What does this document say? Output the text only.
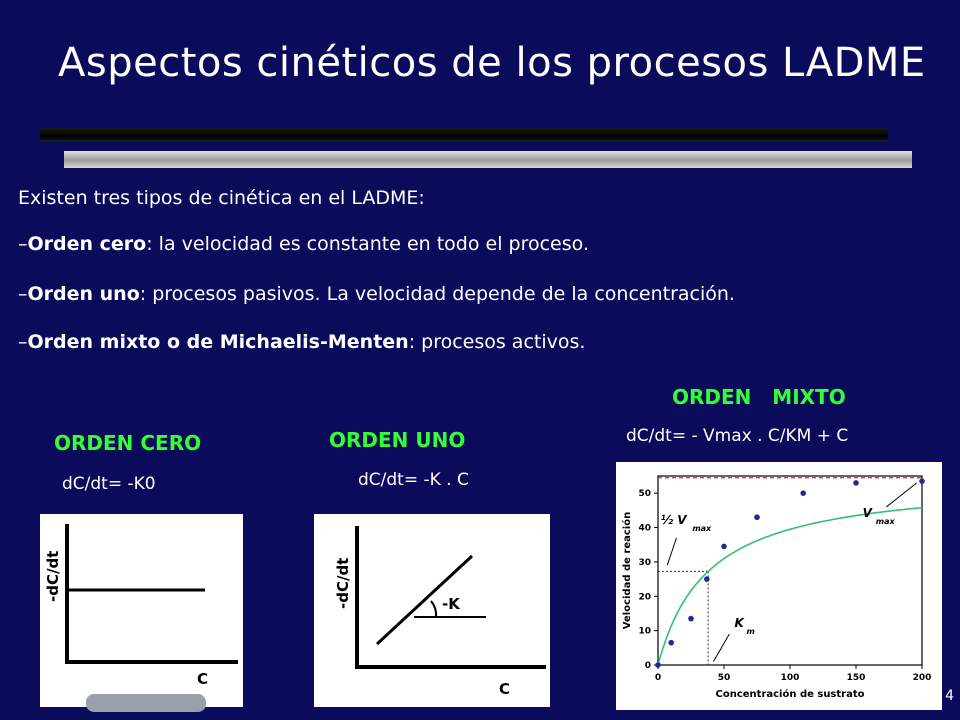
Aspectos cinéticos de los procesos LADME
Existen tres tipos de cinética en el LADME:
–Orden cero: la velocidad es constante en todo el proceso.
–Orden uno: procesos pasivos. La velocidad depende de la concentración.
–Orden mixto o de Michaelis-Menten: procesos activos.
ORDEN CERO
dC/dt= -K0
-dC/dt
C
ORDEN UNO
dC/dt= -K . C
-dC/dt	-K
C
ORDEN   MIXTO
dC/dt= - Vmax . C/KM + C
0	50	100	150	200
0
10
20
30
40
50
Concentración de sustrato
Velocidad de reación ½ V
max
V
max
K
m
4
